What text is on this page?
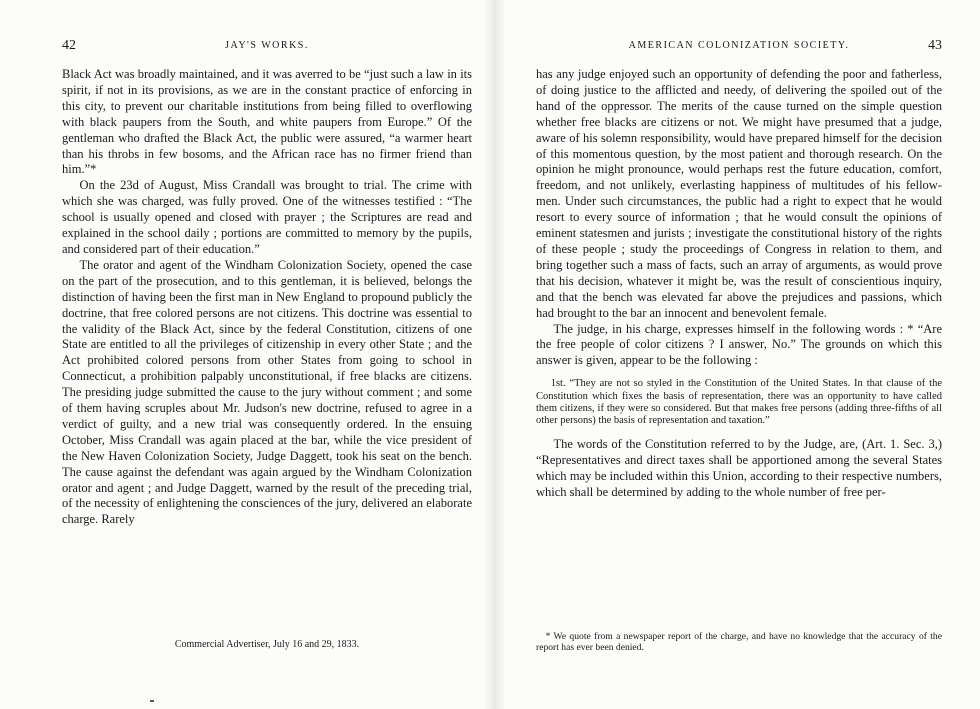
42	JAY'S WORKS.

Black Act was broadly maintained, and it was averred to be “just such a law in its spirit, if not in its provisions, as we are in the constant practice of enforcing in this city, to prevent our charitable institutions from being filled to overflowing with black paupers from the South, and white paupers from Europe.” Of the gentleman who drafted the Black Act, the public were assured, “a warmer heart than his throbs in few bosoms, and the African race has no firmer friend than him.”*

On the 23d of August, Miss Crandall was brought to trial. The crime with which she was charged, was fully proved. One of the witnesses testified : “The school is usually opened and closed with prayer ; the Scriptures are read and explained in the school daily ; portions are committed to memory by the pupils, and considered part of their education.”

The orator and agent of the Windham Colonization Society, opened the case on the part of the prosecution, and to this gentleman, it is believed, belongs the distinction of having been the first man in New England to propound publicly the doctrine, that free colored persons are not citizens. This doctrine was essential to the validity of the Black Act, since by the federal Constitution, citizens of one State are entitled to all the privileges of citizenship in every other State ; and the Act prohibited colored persons from other States from going to school in Connecticut, a prohibition palpably unconstitutional, if free blacks are citizens. The presiding judge submitted the cause to the jury without comment ; and some of them having scruples about Mr. Judson's new doctrine, refused to agree in a verdict of guilty, and a new trial was consequently ordered. In the ensuing October, Miss Crandall was again placed at the bar, while the vice president of the New Haven Colonization Society, Judge Daggett, took his seat on the bench. The cause against the defendant was again argued by the Windham Colonization orator and agent ; and Judge Daggett, warned by the result of the preceding trial, of the necessity of enlightening the consciences of the jury, delivered an elaborate charge. Rarely

Commercial Advertiser, July 16 and 29, 1833.
AMERICAN COLONIZATION SOCIETY.	43

has any judge enjoyed such an opportunity of defending the poor and fatherless, of doing justice to the afflicted and needy, of delivering the spoiled out of the hand of the oppressor. The merits of the cause turned on the simple question whether free blacks are citizens or not. We might have presumed that a judge, aware of his solemn responsibility, would have prepared himself for the decision of this momentous question, by the most patient and thorough research. On the opinion he might pronounce, would perhaps rest the future education, comfort, freedom, and not unlikely, everlasting happiness of multitudes of his fellow-men. Under such circumstances, the public had a right to expect that he would resort to every source of information ; that he would consult the opinions of eminent statesmen and jurists ; investigate the constitutional history of the rights of these people ; study the proceedings of Congress in relation to them, and bring together such a mass of facts, such an array of arguments, as would prove that his decision, whatever it might be, was the result of conscientious inquiry, and that the bench was elevated far above the prejudices and passions, which had brought to the bar an innocent and benevolent female.

The judge, in his charge, expresses himself in the following words : * “Are the free people of color citizens ? I answer, No.” The grounds on which this answer is given, appear to be the following :

1st. “They are not so styled in the Constitution of the United States. In that clause of the Constitution which fixes the basis of representation, there was an opportunity to have called them citizens, if they were so considered. But that makes free persons (adding three-fifths of all other persons) the basis of representation and taxation.”

The words of the Constitution referred to by the Judge, are, (Art. 1. Sec. 3,) “Representatives and direct taxes shall be apportioned among the several States which may be included within this Union, according to their respective numbers, which shall be determined by adding to the whole number of free per-

* We quote from a newspaper report of the charge, and have no knowledge that the accuracy of the report has ever been denied.
